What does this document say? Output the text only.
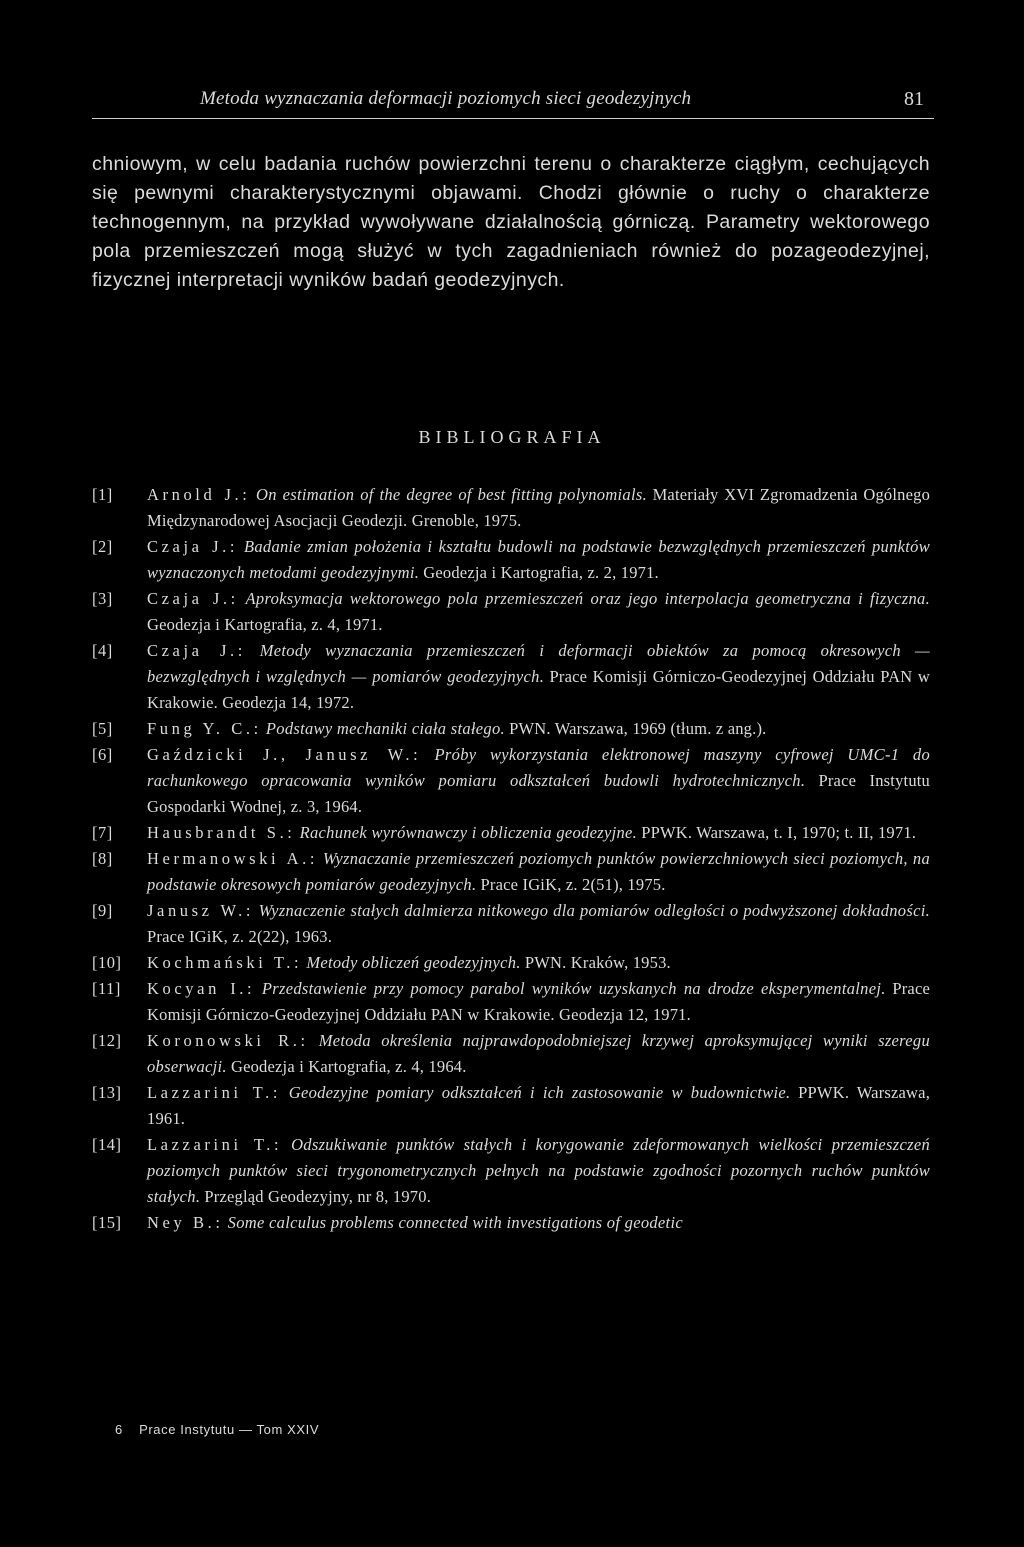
Metoda wyznaczania deformacji poziomych sieci geodezyjnych	81

chniowym, w celu badania ruchów powierzchni terenu o charakterze ciągłym, cechujących się pewnymi charakterystycznymi objawami. Chodzi głównie o ruchy o charakterze technogennym, na przykład wywoływane działalnością górniczą. Parametry wektorowego pola przemieszczeń mogą służyć w tych zagadnieniach również do pozageodezyjnej, fizycznej interpretacji wyników badań geodezyjnych.

BIBLIOGRAFIA
[1]	Arnold J.: On estimation of the degree of best fitting polynomials. Materiały XVI Zgromadzenia Ogólnego Międzynarodowej Asocjacji Geodezji. Grenoble, 1975.
[2]	Czaja J.: Badanie zmian położenia i kształtu budowli na podstawie bezwzględnych przemieszczeń punktów wyznaczonych metodami geodezyjnymi. Geodezja i Kartografia, z. 2, 1971.
[3]	Czaja J.: Aproksymacja wektorowego pola przemieszczeń oraz jego interpolacja geometryczna i fizyczna. Geodezja i Kartografia, z. 4, 1971.
[4]	Czaja J.: Metody wyznaczania przemieszczeń i deformacji obiektów za pomocą okresowych — bezwzględnych i względnych — pomiarów geodezyjnych. Prace Komisji Górniczo-Geodezyjnej Oddziału PAN w Krakowie. Geodezja 14, 1972.
[5]	Fung Y. C.: Podstawy mechaniki ciała stałego. PWN. Warszawa, 1969 (tłum. z ang.).
[6]	Gaździcki J., Janusz W.: Próby wykorzystania elektronowej maszyny cyfrowej UMC-1 do rachunkowego opracowania wyników pomiaru odkształceń budowli hydrotechnicznych. Prace Instytutu Gospodarki Wodnej, z. 3, 1964.
[7]	Hausbrandt S.: Rachunek wyrównawczy i obliczenia geodezyjne. PPWK. Warszawa, t. I, 1970; t. II, 1971.
[8]	Hermanowski A.: Wyznaczanie przemieszczeń poziomych punktów powierzchniowych sieci poziomych, na podstawie okresowych pomiarów geodezyjnych. Prace IGiK, z. 2(51), 1975.
[9]	Janusz W.: Wyznaczenie stałych dalmierza nitkowego dla pomiarów odległości o podwyższonej dokładności. Prace IGiK, z. 2(22), 1963.
[10]	Kochmański T.: Metody obliczeń geodezyjnych. PWN. Kraków, 1953.
[11]	Kocyan I.: Przedstawienie przy pomocy parabol wyników uzyskanych na drodze eksperymentalnej. Prace Komisji Górniczo-Geodezyjnej Oddziału PAN w Krakowie. Geodezja 12, 1971.
[12]	Koronowski R.: Metoda określenia najprawdopodobniejszej krzywej aproksymującej wyniki szeregu obserwacji. Geodezja i Kartografia, z. 4, 1964.
[13]	Lazzarini T.: Geodezyjne pomiary odkształceń i ich zastosowanie w budownictwie. PPWK. Warszawa, 1961.
[14]	Lazzarini T.: Odszukiwanie punktów stałych i korygowanie zdeformowanych wielkości przemieszczeń poziomych punktów sieci trygonometrycznych pełnych na podstawie zgodności pozornych ruchów punktów stałych. Przegląd Geodezyjny, nr 8, 1970.
[15]	Ney B.: Some calculus problems connected with investigations of geodetic
6 Prace Instytutu — Tom XXIV
